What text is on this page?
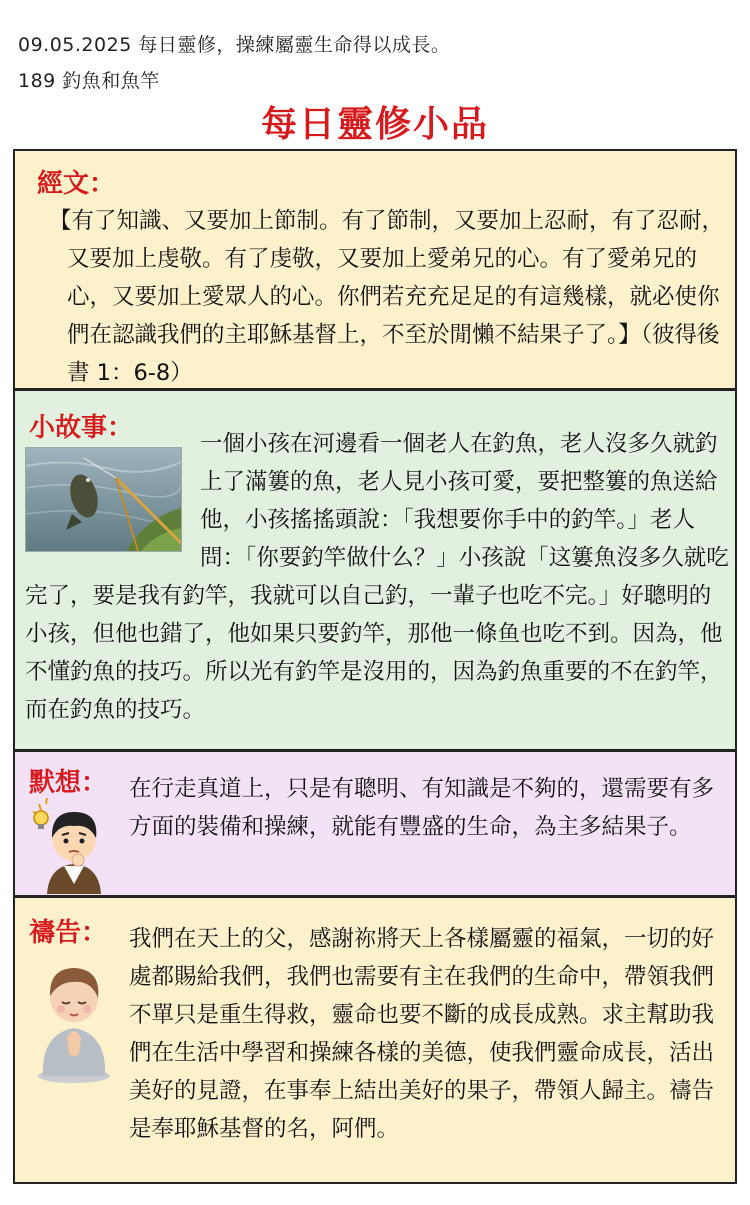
09.05.2025 每日靈修，操練屬靈生命得以成長。
189 釣魚和魚竿
每日靈修小品
經文：
【有了知識、又要加上節制。有了節制，又要加上忍耐，有了忍耐，又要加上虔敬。有了虔敬，又要加上愛弟兄的心。有了愛弟兄的心，又要加上愛眾人的心。你們若充充足足的有這幾樣，就必使你們在認識我們的主耶穌基督上，不至於閒懶不結果子了。】（彼得後書 1：6-8）
小故事：

一個小孩在河邊看一個老人在釣魚，老人沒多久就釣上了滿簍的魚，老人見小孩可愛，要把整簍的魚送給他，小孩搖搖頭說：「我想要你手中的釣竿。」老人問：「你要釣竿做什么？」小孩說「这簍魚沒多久就吃完了，要是我有釣竿，我就可以自己釣，一輩子也吃不完。」好聰明的小孩，但他也錯了，他如果只要釣竿，那他一條鱼也吃不到。因為，他不懂釣魚的技巧。所以光有釣竿是沒用的，因為釣魚重要的不在釣竿，而在釣魚的技巧。

默想： 在行走真道上，只是有聰明、有知識是不夠的，還需要有多方面的裝備和操練，就能有豐盛的生命，為主多結果子。
禱告： 我們在天上的父，感謝祢將天上各樣屬靈的福氣，一切的好處都賜給我們，我們也需要有主在我們的生命中，帶領我們不單只是重生得救，靈命也要不斷的成長成熟。求主幫助我們在生活中學習和操練各樣的美德，使我們靈命成長，活出美好的見證，在事奉上結出美好的果子，帶領人歸主。禱告是奉耶穌基督的名，阿們。
